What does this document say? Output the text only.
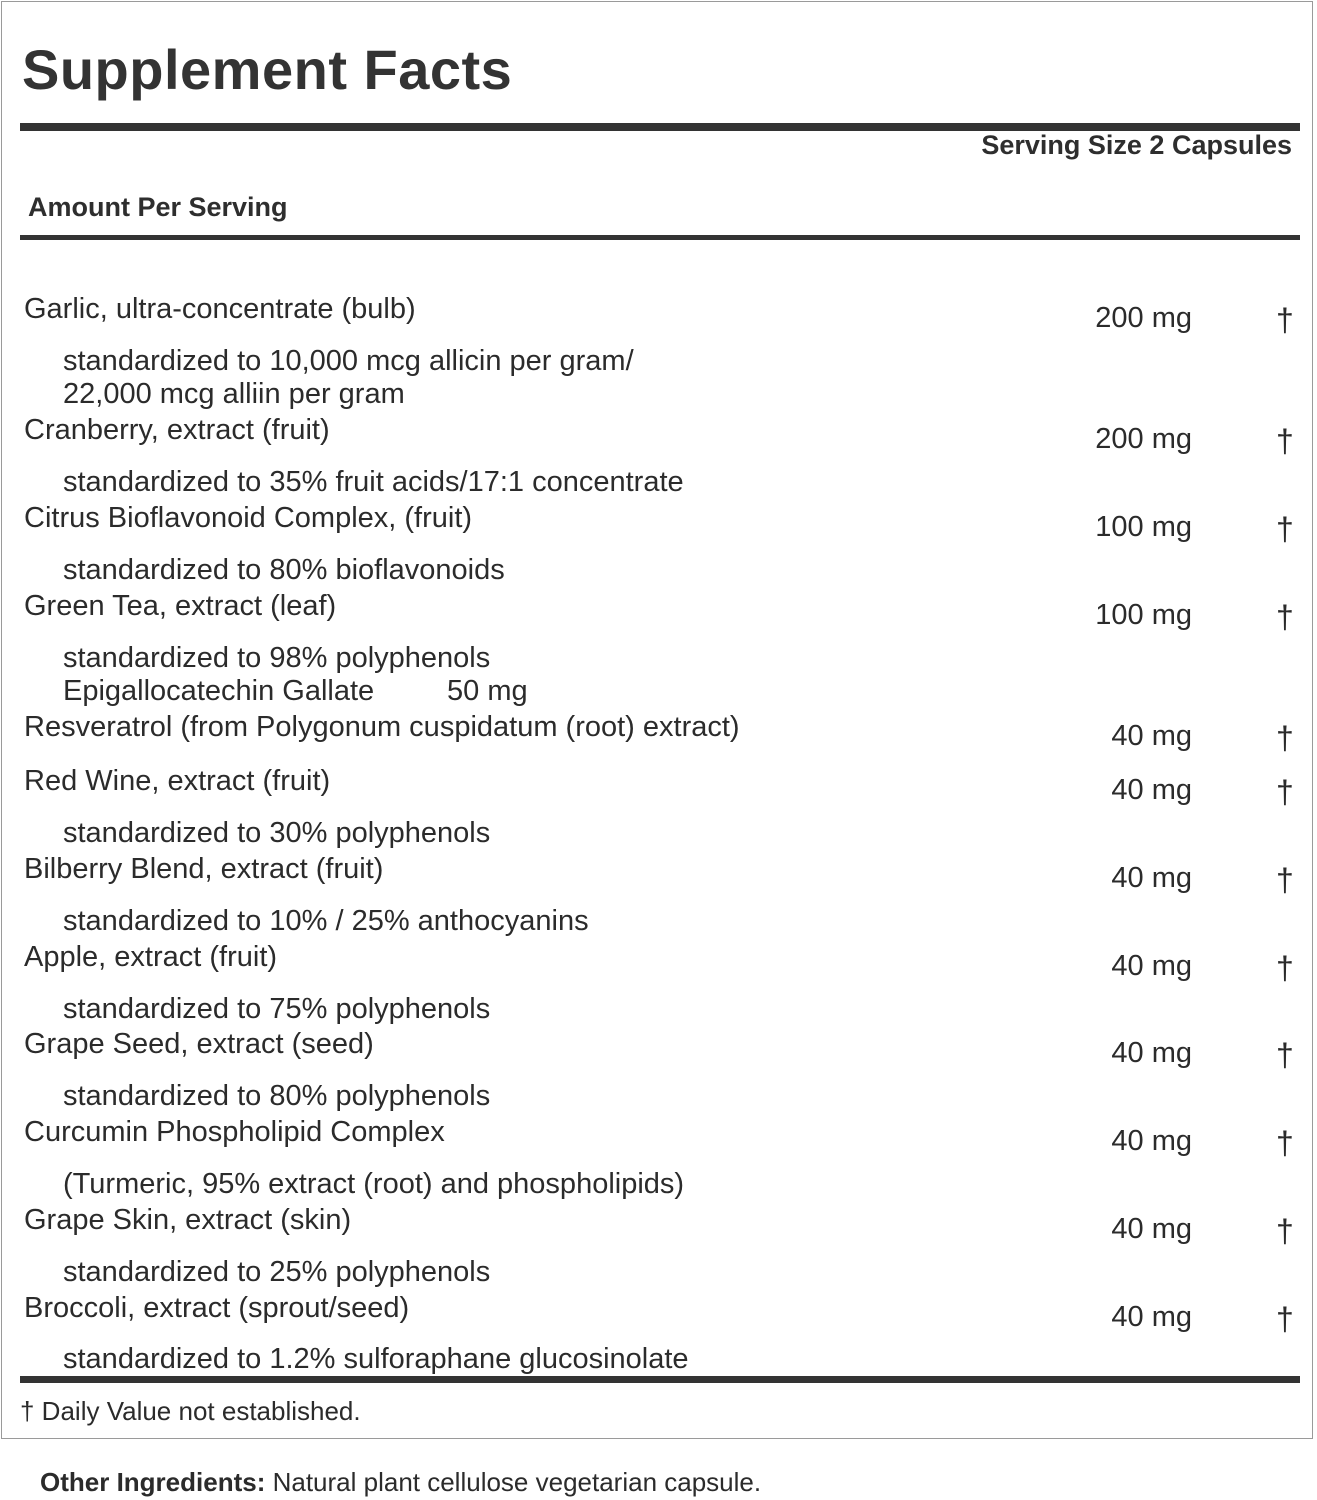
Supplement Facts
Serving Size 2 Capsules
Amount Per Serving
Garlic, ultra-concentrate (bulb)	200 mg	†
standardized to 10,000 mcg allicin per gram/
22,000 mcg alliin per gram
Cranberry, extract (fruit)	200 mg	†
standardized to 35% fruit acids/17:1 concentrate
Citrus Bioflavonoid Complex, (fruit)	100 mg	†
standardized to 80% bioflavonoids
Green Tea, extract (leaf)	100 mg	†
standardized to 98% polyphenols
Epigallocatechin Gallate	50 mg
Resveratrol (from Polygonum cuspidatum (root) extract)	40 mg	†
Red Wine, extract (fruit)	40 mg	†
standardized to 30% polyphenols
Bilberry Blend, extract (fruit)	40 mg	†
standardized to 10% / 25% anthocyanins
Apple, extract (fruit)	40 mg	†
standardized to 75% polyphenols
Grape Seed, extract (seed)	40 mg	†
standardized to 80% polyphenols
Curcumin Phospholipid Complex	40 mg	†
(Turmeric, 95% extract (root) and phospholipids)
Grape Skin, extract (skin)	40 mg	†
standardized to 25% polyphenols
Broccoli, extract (sprout/seed)	40 mg	†
standardized to 1.2% sulforaphane glucosinolate
† Daily Value not established.
Other Ingredients: Natural plant cellulose vegetarian capsule.
